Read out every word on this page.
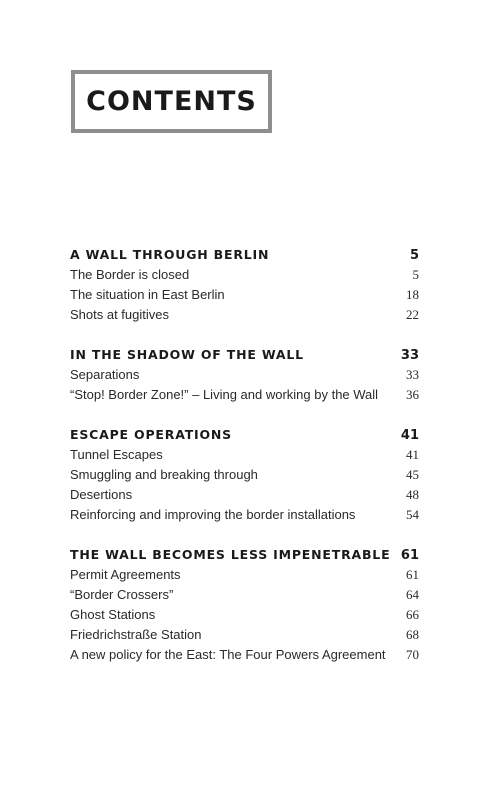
CONTENTS
A WALL THROUGH BERLIN	5
The Border is closed	5
The situation in East Berlin	18
Shots at fugitives	22
IN THE SHADOW OF THE WALL	33
Separations	33
“Stop! Border Zone!” – Living and working by the Wall 36
ESCAPE OPERATIONS	41
Tunnel Escapes	41
Smuggling and breaking through	45
Desertions	48
Reinforcing and improving the border installations	54
THE WALL BECOMES LESS IMPENETRABLE 61
Permit Agreements	61
“Border Crossers”	64
Ghost Stations	66
Friedrichstraße Station	68
A new policy for the East: The Four Powers Agreement 70
